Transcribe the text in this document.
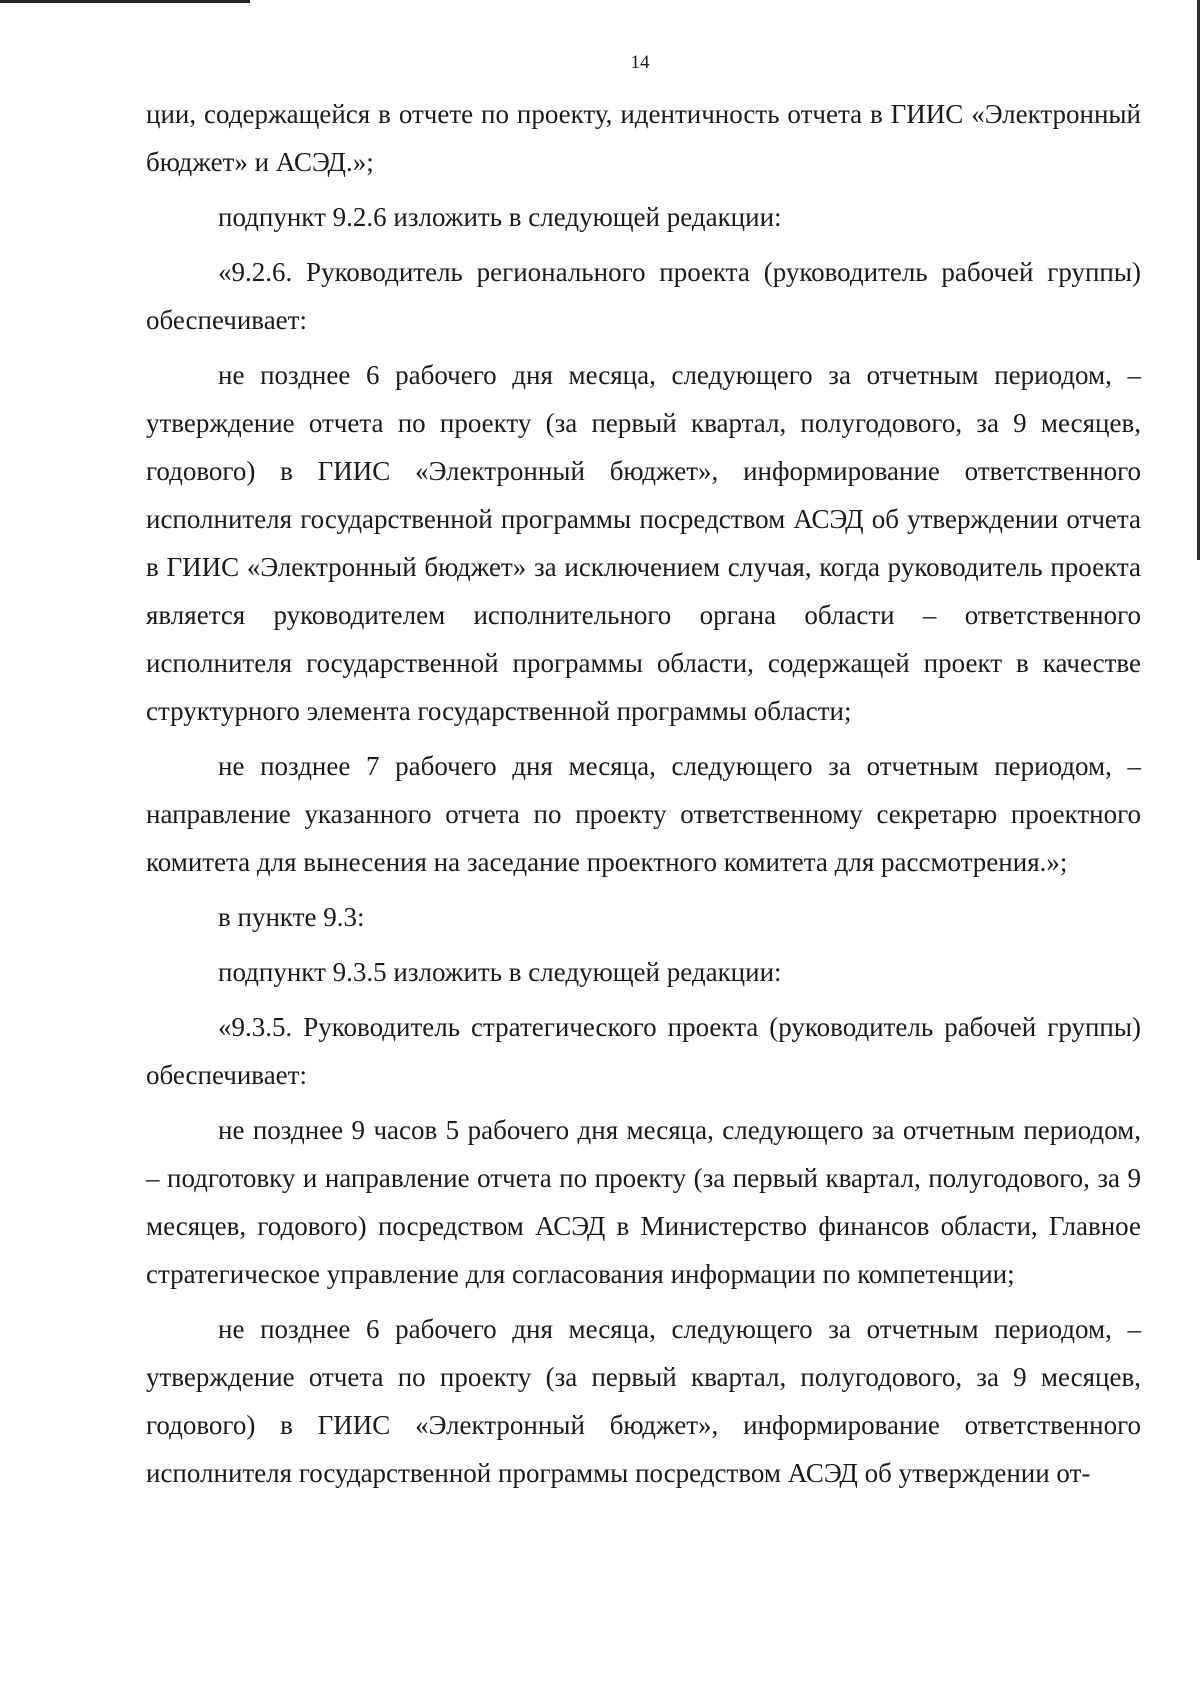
14

ции, содержащейся в отчете по проекту, идентичность отчета в ГИИС «Электронный бюджет» и АСЭД.»;

подпункт 9.2.6 изложить в следующей редакции:

«9.2.6. Руководитель регионального проекта (руководитель рабочей группы) обеспечивает:

не позднее 6 рабочего дня месяца, следующего за отчетным периодом, – утверждение отчета по проекту (за первый квартал, полугодового, за 9 месяцев, годового) в ГИИС «Электронный бюджет», информирование ответственного исполнителя государственной программы посредством АСЭД об утверждении отчета в ГИИС «Электронный бюджет» за исключением случая, когда руководитель проекта является руководителем исполнительного органа области – ответственного исполнителя государственной программы области, содержащей проект в качестве структурного элемента государственной программы области;

не позднее 7 рабочего дня месяца, следующего за отчетным периодом, – направление указанного отчета по проекту ответственному секретарю проектного комитета для вынесения на заседание проектного комитета для рассмотрения.»;

в пункте 9.3:

подпункт 9.3.5 изложить в следующей редакции:

«9.3.5. Руководитель стратегического проекта (руководитель рабочей группы) обеспечивает:

не позднее 9 часов 5 рабочего дня месяца, следующего за отчетным периодом, – подготовку и направление отчета по проекту (за первый квартал, полугодового, за 9 месяцев, годового) посредством АСЭД в Министерство финансов области, Главное стратегическое управление для согласования информации по компетенции;

не позднее 6 рабочего дня месяца, следующего за отчетным периодом, – утверждение отчета по проекту (за первый квартал, полугодового, за 9 месяцев, годового) в ГИИС «Электронный бюджет», информирование ответственного исполнителя государственной программы посредством АСЭД об утверждении от-
